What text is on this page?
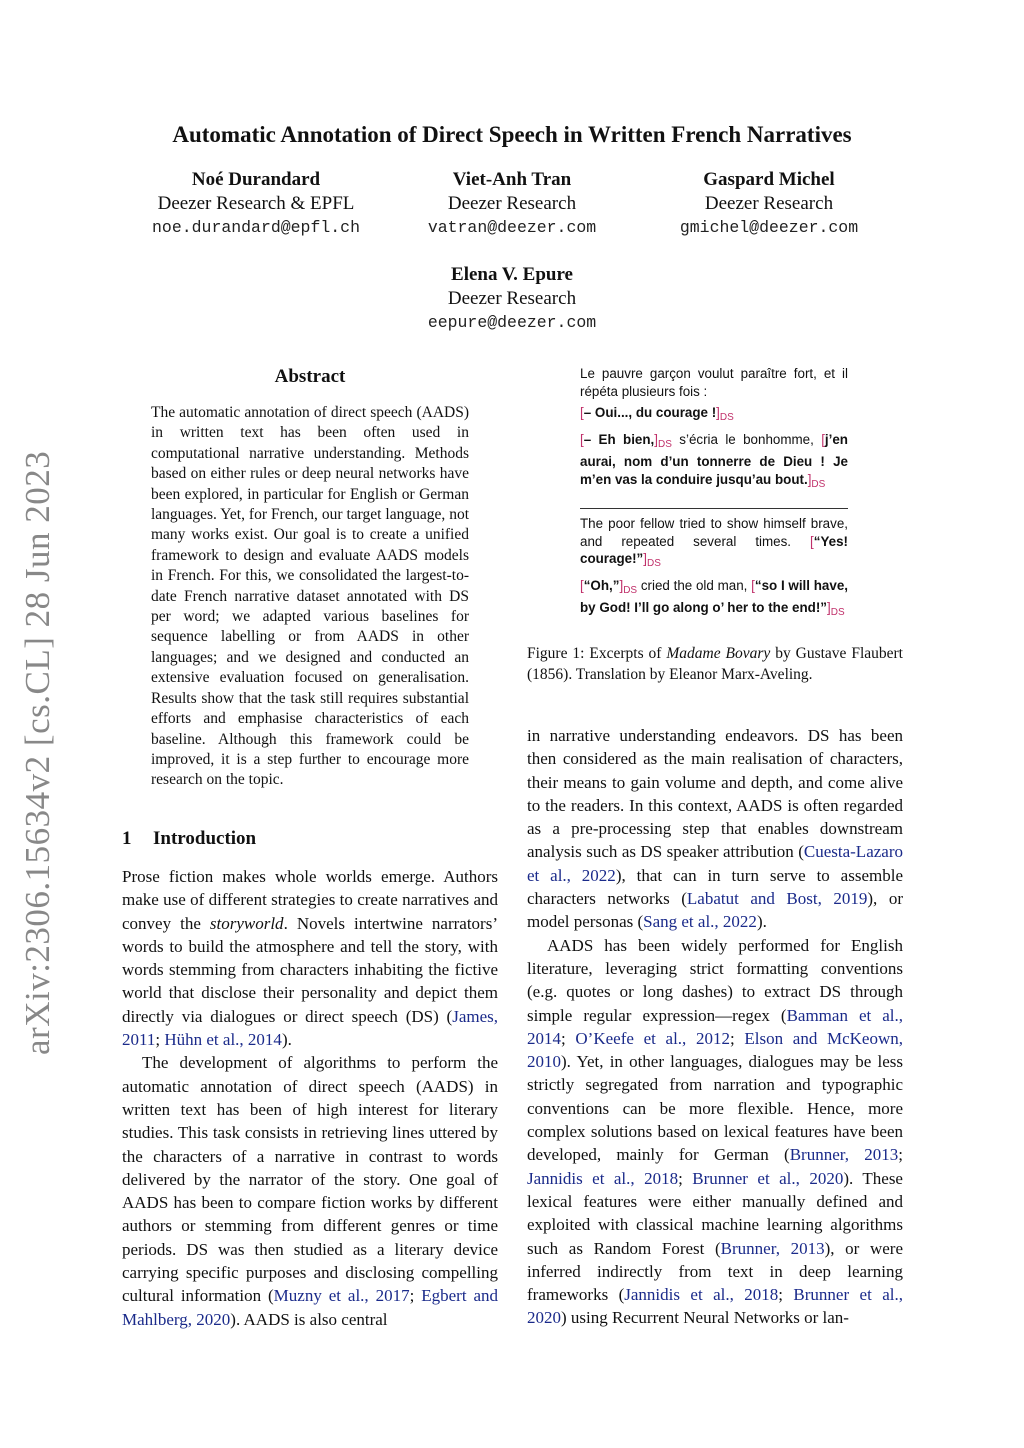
arXiv:2306.15634v2 [cs.CL] 28 Jun 2023
Automatic Annotation of Direct Speech in Written French Narratives
Noé Durandard
Deezer Research & EPFL
noe.durandard@epfl.ch
Viet-Anh Tran
Deezer Research
vatran@deezer.com
Gaspard Michel
Deezer Research
gmichel@deezer.com
Elena V. Epure
Deezer Research
eepure@deezer.com
Abstract
The automatic annotation of direct speech (AADS) in written text has been often used in computational narrative understanding. Methods based on either rules or deep neural networks have been explored, in particular for English or German languages. Yet, for French, our target language, not many works exist. Our goal is to create a unified framework to design and evaluate AADS models in French. For this, we consolidated the largest-to-date French narrative dataset annotated with DS per word; we adapted various baselines for sequence labelling or from AADS in other languages; and we designed and conducted an extensive evaluation focused on generalisation. Results show that the task still requires substantial efforts and emphasise characteristics of each baseline. Although this framework could be improved, it is a step further to encourage more research on the topic.
1 Introduction

Prose fiction makes whole worlds emerge. Authors make use of different strategies to create narratives and convey the storyworld. Novels intertwine narrators’ words to build the atmosphere and tell the story, with words stemming from characters inhabiting the fictive world that disclose their personality and depict them directly via dialogues or direct speech (DS) (James, 2011; Hühn et al., 2014).

The development of algorithms to perform the automatic annotation of direct speech (AADS) in written text has been of high interest for literary studies. This task consists in retrieving lines uttered by the characters of a narrative in contrast to words delivered by the narrator of the story. One goal of AADS has been to compare fiction works by different authors or stemming from different genres or time periods. DS was then studied as a literary device carrying specific purposes and disclosing compelling cultural information (Muzny et al., 2017; Egbert and Mahlberg, 2020). AADS is also central

Le pauvre garçon voulut paraître fort, et il répéta plusieurs fois :
[– Oui..., du courage $!]_{DS}$
[– Eh $bien,]_{DS}$ s’écria le bonhomme, [j’en aurai, nom d’un tonnerre de Dieu ! Je m’en vas la conduire jusqu’au $bout.]_{DS}$
The poor fellow tried to show himself brave, and repeated several times. [“Yes! $courage!”]_{DS}$
$[“Oh,”]_{DS}$ cried the old man, [“so I will have, by God! I’ll go along o’ her to the $end!”]_{DS}$
Figure 1: Excerpts of Madame Bovary by Gustave Flaubert (1856). Translation by Eleanor Marx-Aveling.

in narrative understanding endeavors. DS has been then considered as the main realisation of characters, their means to gain volume and depth, and come alive to the readers. In this context, AADS is often regarded as a pre-processing step that enables downstream analysis such as DS speaker attribution (Cuesta-Lazaro et al., 2022), that can in turn serve to assemble characters networks (Labatut and Bost, 2019), or model personas (Sang et al., 2022).

AADS has been widely performed for English literature, leveraging strict formatting conventions (e.g. quotes or long dashes) to extract DS through simple regular expression—regex (Bamman et al., 2014; O’Keefe et al., 2012; Elson and McKeown, 2010). Yet, in other languages, dialogues may be less strictly segregated from narration and typographic conventions can be more flexible. Hence, more complex solutions based on lexical features have been developed, mainly for German (Brunner, 2013; Jannidis et al., 2018; Brunner et al., 2020). These lexical features were either manually defined and exploited with classical machine learning algorithms such as Random Forest (Brunner, 2013), or were inferred indirectly from text in deep learning frameworks (Jannidis et al., 2018; Brunner et al., 2020) using Recurrent Neural Networks or lan-
